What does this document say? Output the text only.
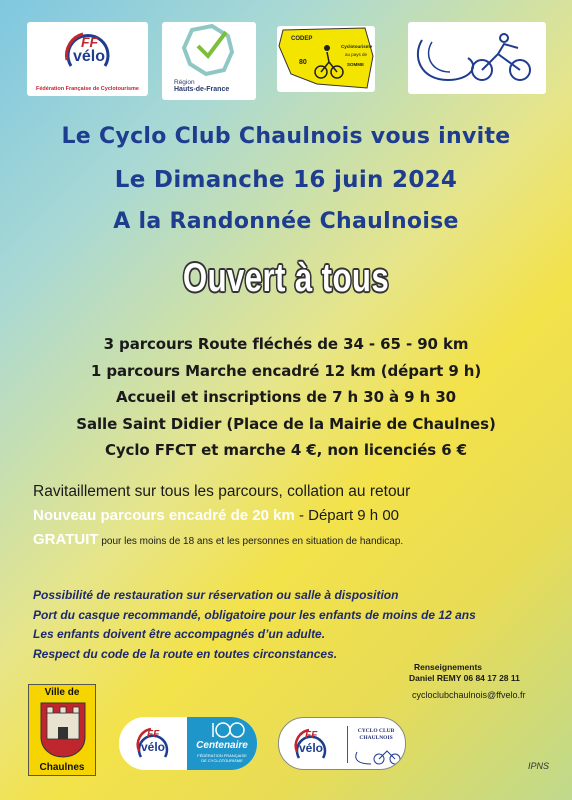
FF
vélo
Fédération Française de Cyclotourisme
Région
Hauts-de-France
CODEP
80
Cyclotourisme
au pays de
SOMME
Le Cyclo Club Chaulnois vous invite
Le Dimanche 16 juin 2024
A la Randonnée Chaulnoise
Ouvert à tous
3 parcours Route fléchés de 34 - 65 - 90 km
1 parcours Marche encadré 12 km (départ 9 h)
Accueil et inscriptions de 7 h 30 à 9 h 30
Salle Saint Didier (Place de la Mairie de Chaulnes)
Cyclo FFCT et marche 4 €, non licenciés 6 €
Ravitaillement sur tous les parcours, collation au retour
Nouveau parcours encadré de 20 km - Départ 9 h 00
GRATUIT pour les moins de 18 ans et les personnes en situation de handicap.
Possibilité de restauration sur réservation ou salle à disposition
Port du casque recommandé, obligatoire pour les enfants de moins de 12 ans
Les enfants doivent être accompagnés d’un adulte.
Respect du code de la route en toutes circonstances.
Renseignements
Daniel REMY 06 84 17 28 11
cycloclubchaulnois@ffvelo.fr
Ville de
Chaulnes
FF
vélo	Centenaire
FÉDÉRATION FRANÇAISE
DE CYCLOTOURISME
FF
vélo
CYCLO CLUB
CHAULNOIS
IPNS
